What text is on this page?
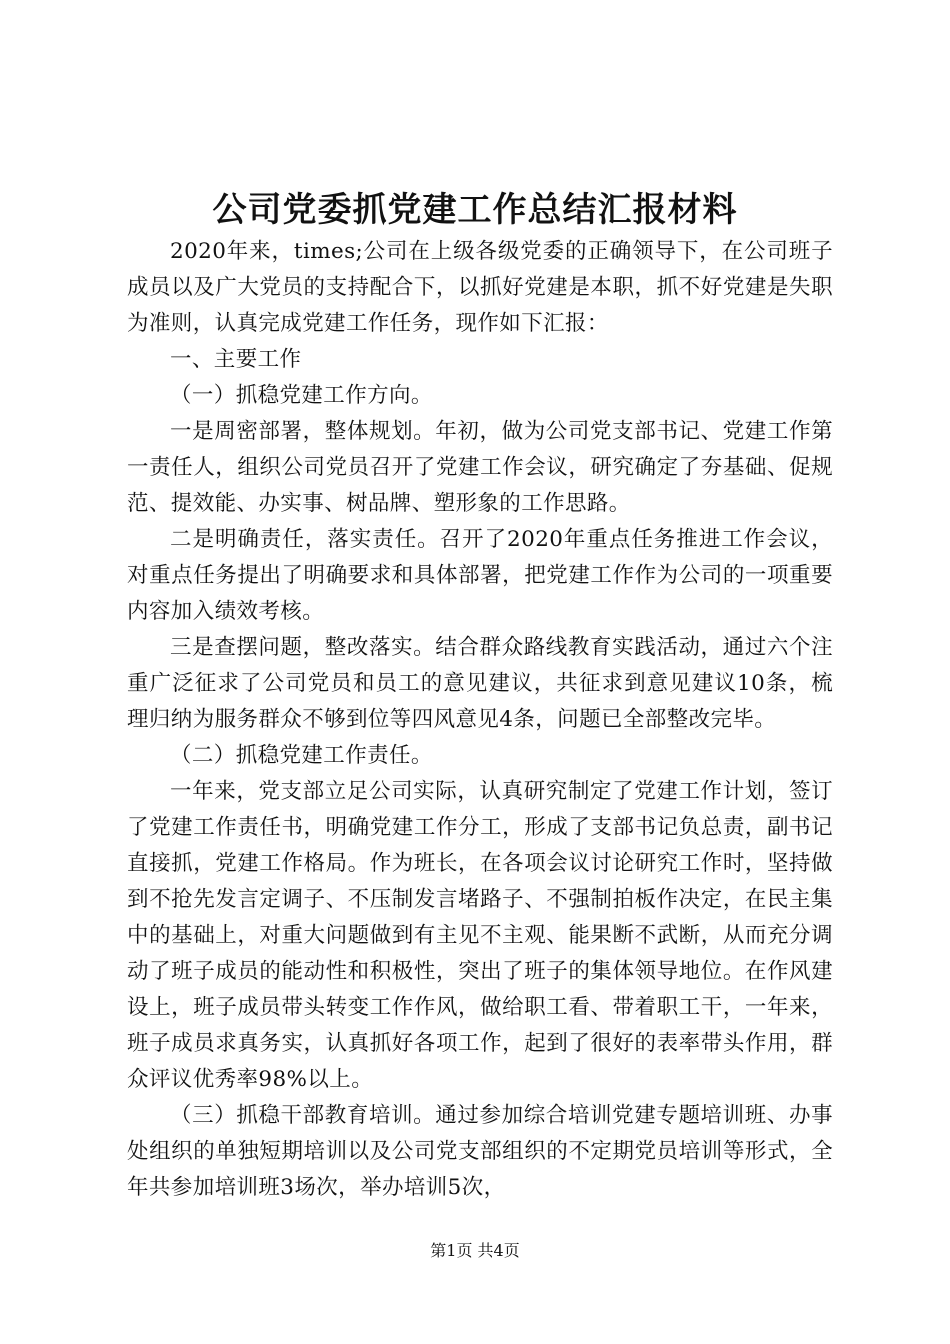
公司党委抓党建工作总结汇报材料

2020年来，times;公司在上级各级党委的正确领导下，在公司班子成员以及广大党员的支持配合下，以抓好党建是本职，抓不好党建是失职为准则，认真完成党建工作任务，现作如下汇报：

一、主要工作

（一）抓稳党建工作方向。

一是周密部署，整体规划。年初，做为公司党支部书记、党建工作第一责任人，组织公司党员召开了党建工作会议，研究确定了夯基础、促规范、提效能、办实事、树品牌、塑形象的工作思路。

二是明确责任，落实责任。召开了2020年重点任务推进工作会议，对重点任务提出了明确要求和具体部署，把党建工作作为公司的一项重要内容加入绩效考核。

三是查摆问题，整改落实。结合群众路线教育实践活动，通过六个注重广泛征求了公司党员和员工的意见建议，共征求到意见建议10条，梳理归纳为服务群众不够到位等四风意见4条，问题已全部整改完毕。

（二）抓稳党建工作责任。

一年来，党支部立足公司实际，认真研究制定了党建工作计划，签订了党建工作责任书，明确党建工作分工，形成了支部书记负总责，副书记直接抓，党建工作格局。作为班长，在各项会议讨论研究工作时，坚持做到不抢先发言定调子、不压制发言堵路子、不强制拍板作决定，在民主集中的基础上，对重大问题做到有主见不主观、能果断不武断，从而充分调动了班子成员的能动性和积极性，突出了班子的集体领导地位。在作风建设上，班子成员带头转变工作作风，做给职工看、带着职工干，一年来，班子成员求真务实，认真抓好各项工作，起到了很好的表率带头作用，群众评议优秀率98%以上。

（三）抓稳干部教育培训。通过参加综合培训党建专题培训班、办事处组织的单独短期培训以及公司党支部组织的不定期党员培训等形式，全年共参加培训班3场次，举办培训5次，

第1页 共4页
